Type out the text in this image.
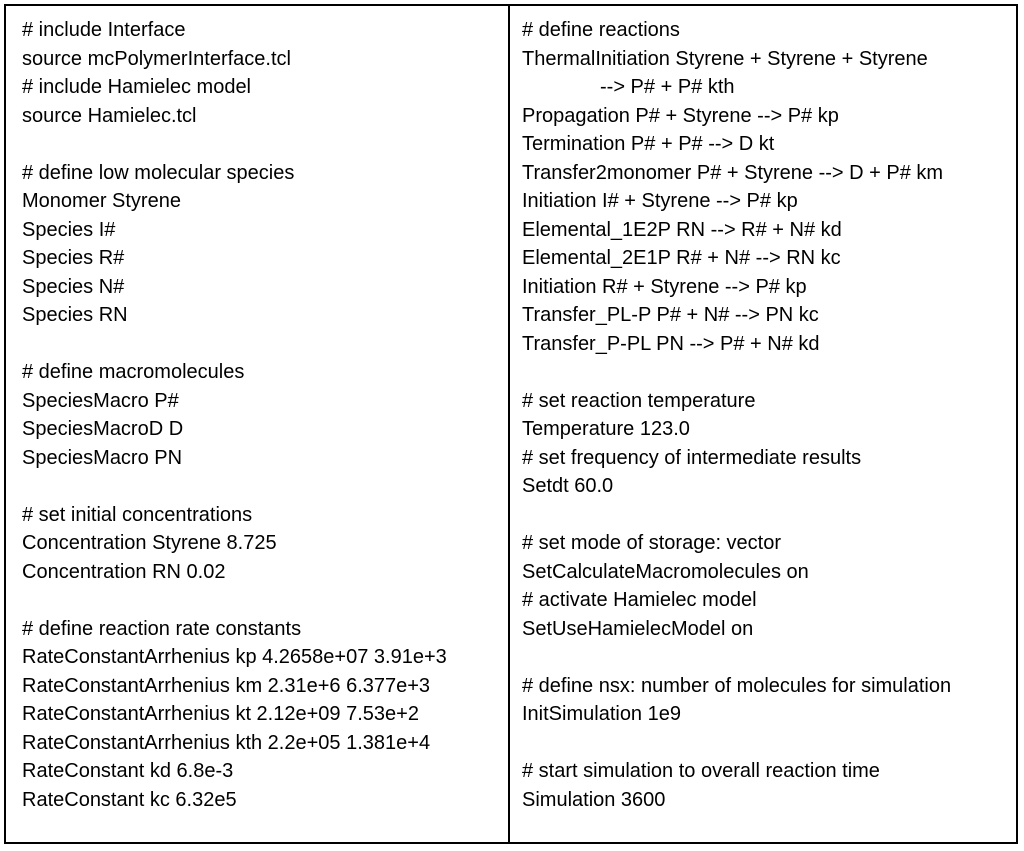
# include Interface
source mcPolymerInterface.tcl
# include Hamielec model
source Hamielec.tcl
# define low molecular species
Monomer Styrene
Species I#
Species R#
Species N#
Species RN
# define macromolecules
SpeciesMacro P#
SpeciesMacroD D
SpeciesMacro PN
# set initial concentrations
Concentration Styrene 8.725
Concentration RN 0.02
# define reaction rate constants
RateConstantArrhenius kp 4.2658e+07 3.91e+3
RateConstantArrhenius km 2.31e+6 6.377e+3
RateConstantArrhenius kt 2.12e+09 7.53e+2
RateConstantArrhenius kth 2.2e+05 1.381e+4
RateConstant kd 6.8e-3
RateConstant kc 6.32e5
# define reactions
ThermalInitiation Styrene + Styrene + Styrene
--> P# + P# kth
Propagation P# + Styrene --> P# kp
Termination P# + P# --> D kt
Transfer2monomer P# + Styrene --> D + P# km
Initiation I# + Styrene --> P# kp
Elemental_1E2P RN --> R# + N# kd
Elemental_2E1P R# + N# --> RN kc
Initiation R# + Styrene --> P# kp
Transfer_PL-P P# + N# --> PN kc
Transfer_P-PL PN --> P# + N# kd
# set reaction temperature
Temperature 123.0
# set frequency of intermediate results
Setdt 60.0
# set mode of storage: vector
SetCalculateMacromolecules on
# activate Hamielec model
SetUseHamielecModel on
# define nsx: number of molecules for simulation
InitSimulation 1e9
# start simulation to overall reaction time
Simulation 3600
